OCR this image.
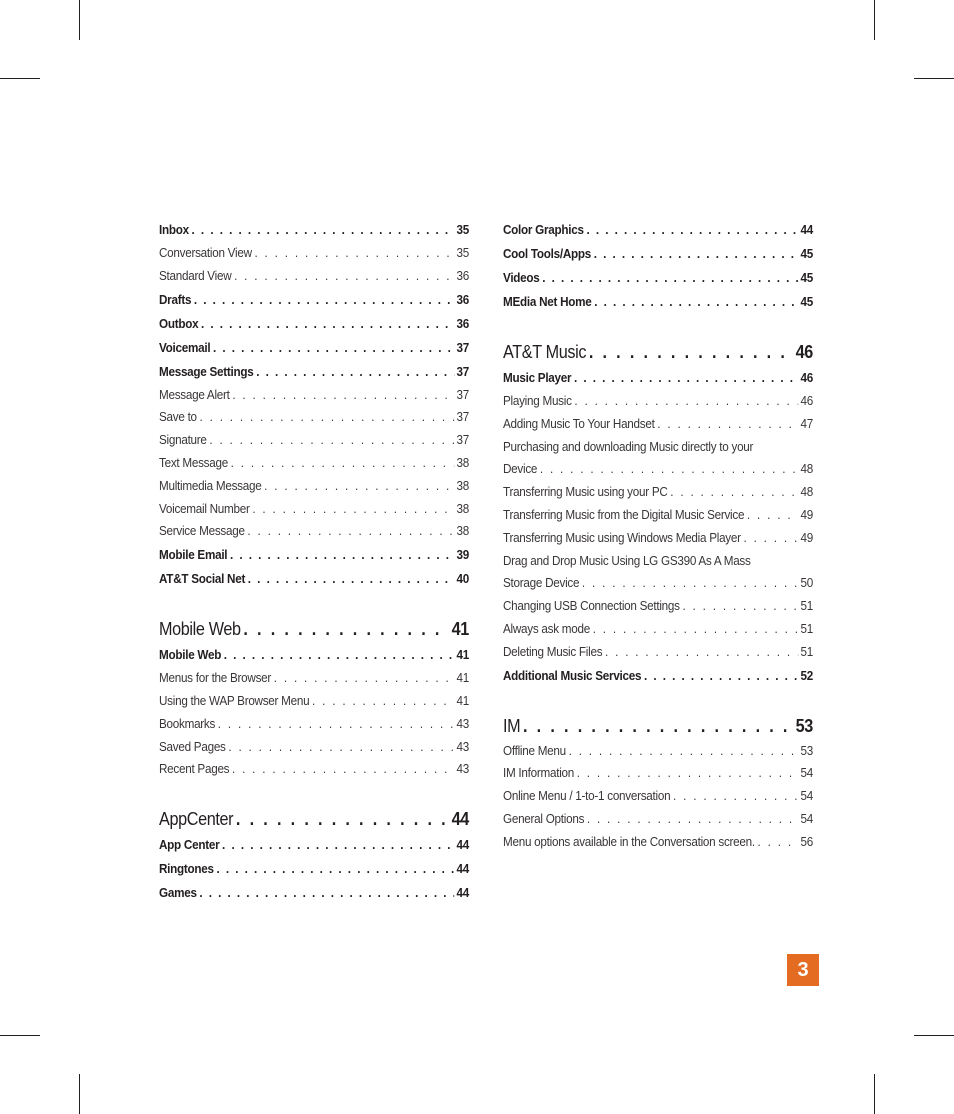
Inbox . . .	35
Conversation View . . .	35
Standard View . . .	36
Drafts . . .	36
Outbox . . .	36
Voicemail . . .	37
Message Settings . . .	37
Message Alert . . .	37
Save to . . .	37
Signature . . .	37
Text Message . . .	38
Multimedia Message . . .	38
Voicemail Number . . .	38
Service Message . . .	38
Mobile Email . . .	39
AT&T Social Net . . .	40
Mobile Web . . .	41
Mobile Web . . .	41
Menus for the Browser . . .	41
Using the WAP Browser Menu . . .	41
Bookmarks . . .	43
Saved Pages . . .	43
Recent Pages . . .	43
AppCenter . . .	44
App Center . . .	44
Ringtones . . .	44
Games . . .	44
Color Graphics . . .	44
Cool Tools/Apps . . .	45
Videos . . .	45
MEdia Net Home . . .	45
AT&T Music . . .	46
Music Player . . .	46
Playing Music . . .	46
Adding Music To Your Handset . . .	47
Purchasing and downloading Music directly to your
Device . . .	48
Transferring Music using your PC . . .	48
Transferring Music from the Digital Music Service . . .	49
Transferring Music using Windows Media Player . . .	49
Drag and Drop Music Using LG GS390 As A Mass
Storage Device . . .	50
Changing USB Connection Settings . . .	51
Always ask mode . . .	51
Deleting Music Files . . .	51
Additional Music Services . . .	52
IM . . .	53
Offline Menu . . .	53
IM Information . . .	54
Online Menu / 1-to-1 conversation . . .	54
General Options . . .	54
Menu options available in the Conversation screen. . . .	56
3
